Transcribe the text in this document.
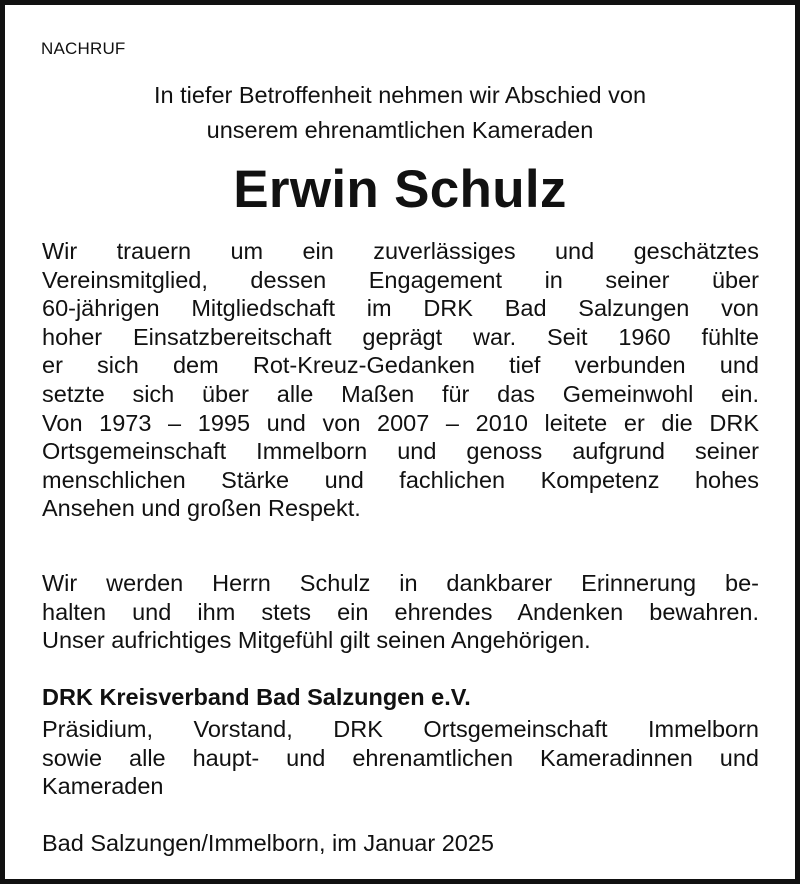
NACHRUF
In tiefer Betroffenheit nehmen wir Abschied von
unserem ehrenamtlichen Kameraden
Erwin Schulz
Wir trauern um ein zuverlässiges und geschätztes
Vereinsmitglied, dessen Engagement in seiner über
60-jährigen Mitgliedschaft im DRK Bad Salzungen von
hoher Einsatzbereitschaft geprägt war. Seit 1960 fühlte
er sich dem Rot-Kreuz-Gedanken tief verbunden und
setzte sich über alle Maßen für das Gemeinwohl ein.
Von 1973 – 1995 und von 2007 – 2010 leitete er die DRK
Ortsgemeinschaft Immelborn und genoss aufgrund seiner
menschlichen Stärke und fachlichen Kompetenz hohes
Ansehen und großen Respekt.
Wir werden Herrn Schulz in dankbarer Erinnerung be-
halten und ihm stets ein ehrendes Andenken bewahren.
Unser aufrichtiges Mitgefühl gilt seinen Angehörigen.
DRK Kreisverband Bad Salzungen e.V.
Präsidium, Vorstand, DRK Ortsgemeinschaft Immelborn
sowie alle haupt- und ehrenamtlichen Kameradinnen und
Kameraden
Bad Salzungen/Immelborn, im Januar 2025
